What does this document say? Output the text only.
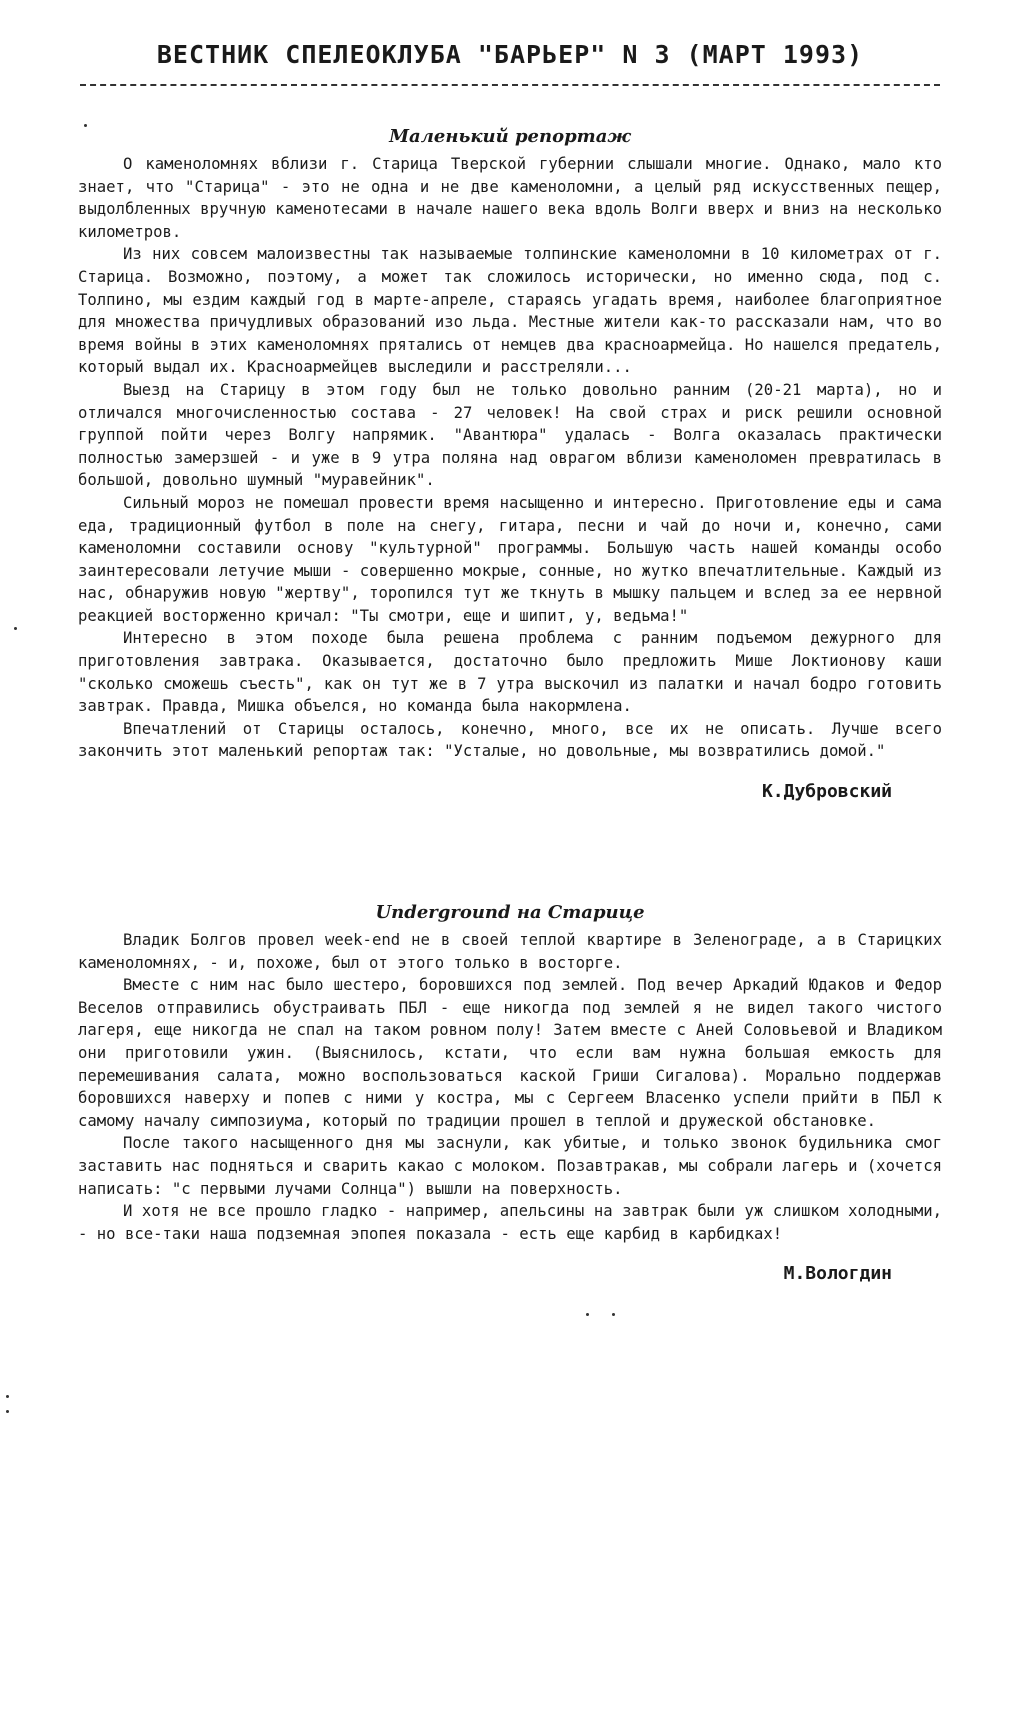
ВЕСТНИК СПЕЛЕОКЛУБА "БАРЬЕР" N 3 (МАРТ 1993)
Маленький репортаж

О каменоломнях вблизи г. Старица Тверской губернии слышали многие. Однако, мало кто знает, что "Старица" - это не одна и не две каменоломни, а целый ряд искусственных пещер, выдолбленных вручную каменотесами в начале нашего века вдоль Волги вверх и вниз на несколько километров.

Из них совсем малоизвестны так называемые толпинские каменоломни в 10 километрах от г. Старица. Возможно, поэтому, а может так сложилось исторически, но именно сюда, под с. Толпино, мы ездим каждый год в марте-апреле, стараясь угадать время, наиболее благоприятное для множества причудливых образований изо льда. Местные жители как-то рассказали нам, что во время войны в этих каменоломнях прятались от немцев два красноармейца. Но нашелся предатель, который выдал их. Красноармейцев выследили и расстреляли...

Выезд на Старицу в этом году был не только довольно ранним (20-21 марта), но и отличался многочисленностью состава - 27 человек! На свой страх и риск решили основной группой пойти через Волгу напрямик. "Авантюра" удалась - Волга оказалась практически полностью замерзшей - и уже в 9 утра поляна над оврагом вблизи каменоломен превратилась в большой, довольно шумный "муравейник".

Сильный мороз не помешал провести время насыщенно и интересно. Приготовление еды и сама еда, традиционный футбол в поле на снегу, гитара, песни и чай до ночи и, конечно, сами каменоломни составили основу "культурной" программы. Большую часть нашей команды особо заинтересовали летучие мыши - совершенно мокрые, сонные, но жутко впечатлительные. Каждый из нас, обнаружив новую "жертву", торопился тут же ткнуть в мышку пальцем и вслед за ее нервной реакцией восторженно кричал: "Ты смотри, еще и шипит, у, ведьма!"

Интересно в этом походе была решена проблема с ранним подъемом дежурного для приготовления завтрака. Оказывается, достаточно было предложить Мише Локтионову каши "сколько сможешь съесть", как он тут же в 7 утра выскочил из палатки и начал бодро готовить завтрак. Правда, Мишка объелся, но команда была накормлена.

Впечатлений от Старицы осталось, конечно, много, все их не описать. Лучше всего закончить этот маленький репортаж так: "Усталые, но довольные, мы возвратились домой."

К.Дубровский
Underground на Старице

Владик Болгов провел week-end не в своей теплой квартире в Зеленограде, а в Старицких каменоломнях, - и, похоже, был от этого только в восторге.

Вместе с ним нас было шестеро, боровшихся под землей. Под вечер Аркадий Юдаков и Федор Веселов отправились обустраивать ПБЛ - еще никогда под землей я не видел такого чистого лагеря, еще никогда не спал на таком ровном полу! Затем вместе с Аней Соловьевой и Владиком они приготовили ужин. (Выяснилось, кстати, что если вам нужна большая емкость для перемешивания салата, можно воспользоваться каской Гриши Сигалова). Морально поддержав боровшихся наверху и попев с ними у костра, мы с Сергеем Власенко успели прийти в ПБЛ к самому началу симпозиума, который по традиции прошел в теплой и дружеской обстановке.

После такого насыщенного дня мы заснули, как убитые, и только звонок будильника смог заставить нас подняться и сварить какао с молоком. Позавтракав, мы собрали лагерь и (хочется написать: "с первыми лучами Солнца") вышли на поверхность.

И хотя не все прошло гладко - например, апельсины на завтрак были уж слишком холодными, - но все-таки наша подземная эпопея показала - есть еще карбид в карбидках!

М.Вологдин
